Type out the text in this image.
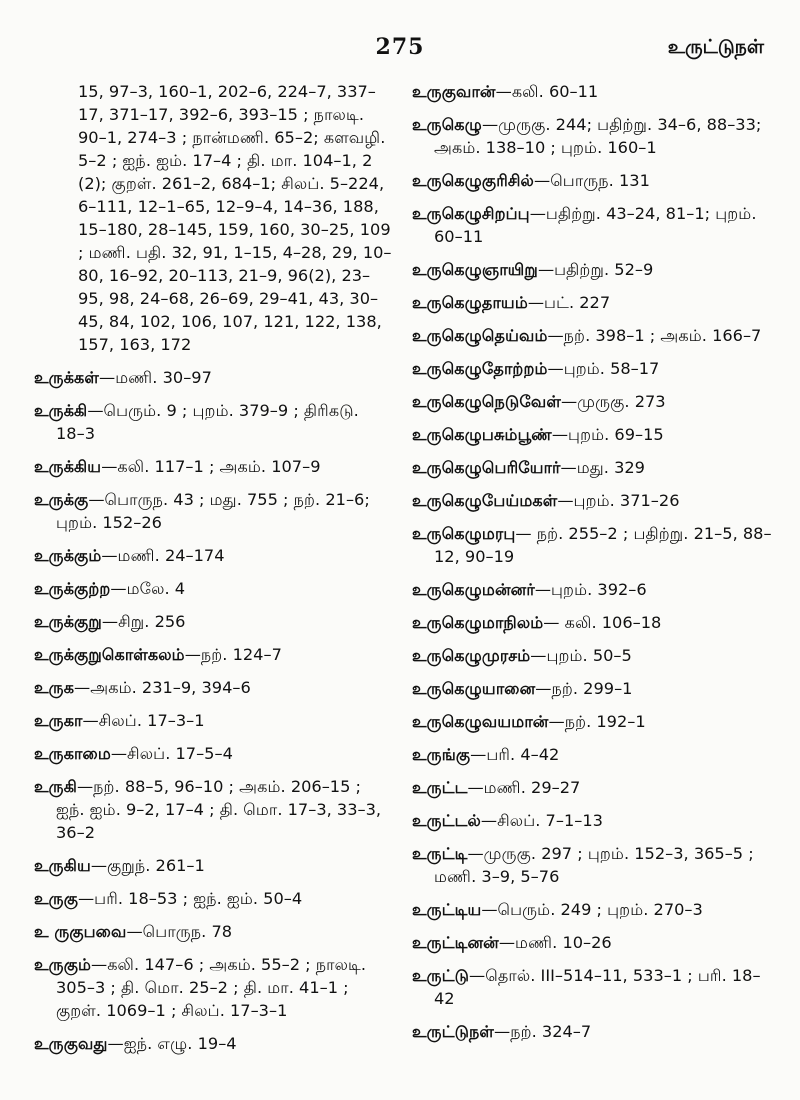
275	உருட்டுநள்

15, 97–3, 160–1, 202–6, 224–7, 337–17, 371–17, 392–6, 393–15 ; நாலடி. 90–1, 274–3 ; நான்மணி. 65–2; களவழி. 5–2 ; ஐந். ஐம். 17–4 ; தி. மா. 104–1, 2 (2); குறள். 261–2, 684–1; சிலப். 5–224, 6–111, 12–1–65, 12–9–4, 14–36, 188, 15–180, 28–145, 159, 160, 30–25, 109 ; மணி. பதி. 32, 91, 1–15, 4–28, 29, 10–80, 16–92, 20–113, 21–9, 96(2), 23–95, 98, 24–68, 26–69, 29–41, 43, 30–45, 84, 102, 106, 107, 121, 122, 138, 157, 163, 172

உருக்கள்—மணி. 30–97

உருக்கி—பெரும். 9 ; புறம். 379–9 ; திரிகடு. 18–3

உருக்கிய—கலி. 117–1 ; அகம். 107–9

உருக்கு—பொருந. 43 ; மது. 755 ; நற். 21–6; புறம். 152–26

உருக்கும்—மணி. 24–174

உருக்குற்ற—மலே. 4

உருக்குறு—சிறு. 256

உருக்குறுகொள்கலம்—நற். 124–7

உருக—அகம். 231–9, 394–6

உருகா—சிலப். 17–3–1

உருகாமை—சிலப். 17–5–4

உருகி—நற். 88–5, 96–10 ; அகம். 206–15 ; ஐந். ஐம். 9–2, 17–4 ; தி. மொ. 17–3, 33–3, 36–2

உருகிய—குறுந். 261–1

உருகு—பரி. 18–53 ; ஐந். ஐம். 50–4

உ ருகுபவை—பொருந. 78

உருகும்—கலி. 147–6 ; அகம். 55–2 ; நாலடி. 305–3 ; தி. மொ. 25–2 ; தி. மா. 41–1 ; குறள். 1069–1 ; சிலப். 17–3–1

உருகுவது—ஐந். எழு. 19–4

உருகுவான்—கலி. 60–11

உருகெழு—முருகு. 244; பதிற்று. 34–6, 88–33; அகம். 138–10 ; புறம். 160–1

உருகெழுகுரிசில்—பொருந. 131

உருகெழுசிறப்பு—பதிற்று. 43–24, 81–1; புறம். 60–11

உருகெழுஞாயிறு—பதிற்று. 52–9

உருகெழுதாயம்—பட். 227

உருகெழுதெய்வம்—நற். 398–1 ; அகம். 166–7

உருகெழுதோற்றம்—புறம். 58–17

உருகெழுநெடுவேள்—முருகு. 273

உருகெழுபசும்பூண்—புறம். 69–15

உருகெழுபெரியோர்—மது. 329

உருகெழுபேய்மகள்—புறம். 371–26

உருகெழுமரபு— நற். 255–2 ; பதிற்று. 21–5, 88–12, 90–19

உருகெழுமன்னர்—புறம். 392–6

உருகெழுமாநிலம்— கலி. 106–18

உருகெழுமுரசம்—புறம். 50–5

உருகெழுயானை—நற். 299–1

உருகெழுவயமான்—நற். 192–1

உருங்கு—பரி. 4–42

உருட்ட—மணி. 29–27

உருட்டல்—சிலப். 7–1–13

உருட்டி—முருகு. 297 ; புறம். 152–3, 365–5 ; மணி. 3–9, 5–76

உருட்டிய—பெரும். 249 ; புறம். 270–3

உருட்டினன்—மணி. 10–26

உருட்டு—தொல். III–514–11, 533–1 ; பரி. 18–42

உருட்டுநள்—நற். 324–7
